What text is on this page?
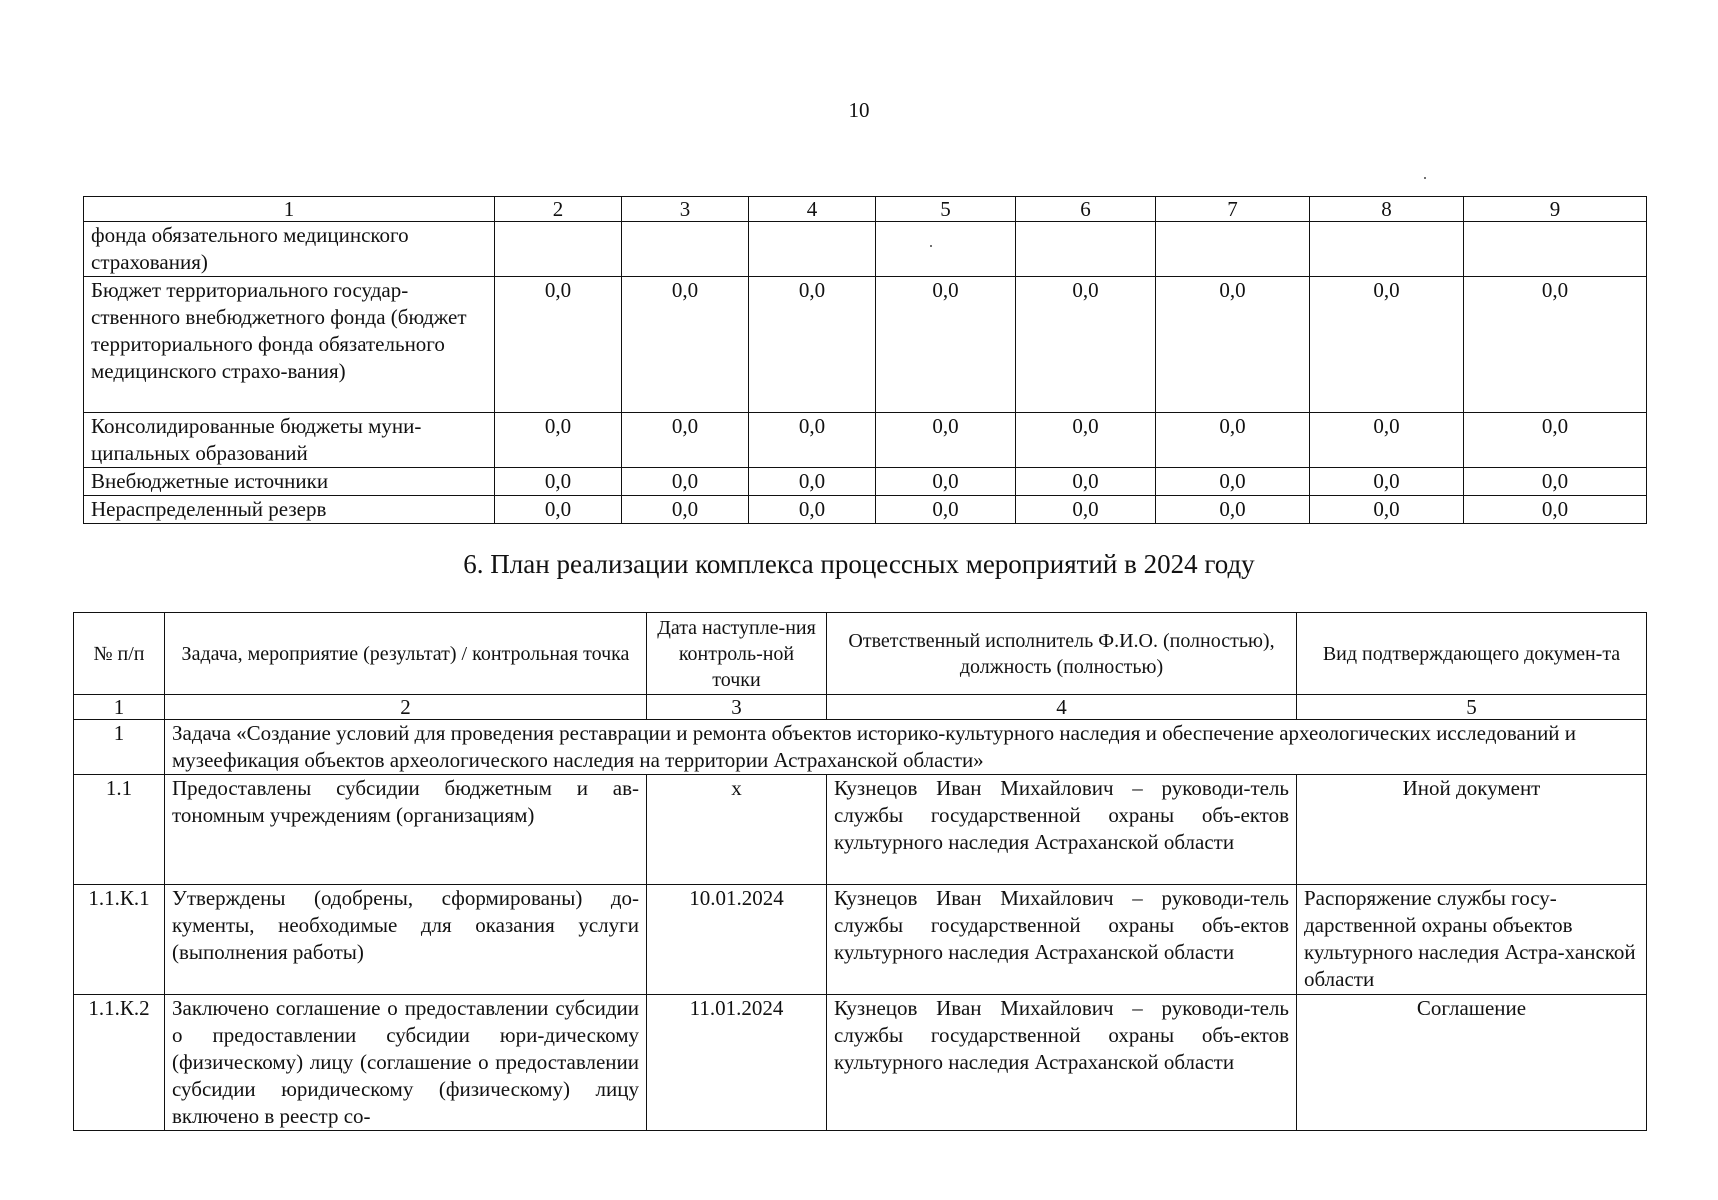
10
1	2	3	4	5	6	7	8	9
фонда обязательного медицинского страхования)								
Бюджет территориального государ-ственного внебюджетного фонда (бюджет территориального фонда обязательного медицинского страхо-вания)	0,0	0,0	0,0	0,0	0,0	0,0	0,0	0,0
Консолидированные бюджеты муни-ципальных образований	0,0	0,0	0,0	0,0	0,0	0,0	0,0	0,0
Внебюджетные источники	0,0	0,0	0,0	0,0	0,0	0,0	0,0	0,0
Нераспределенный резерв	0,0	0,0	0,0	0,0	0,0	0,0	0,0	0,0
6. План реализации комплекса процессных мероприятий в 2024 году
№ п/п	Задача, мероприятие (результат) / контрольная точка	Дата наступле-ния контроль-ной точки	Ответственный исполнитель Ф.И.О. (полностью), должность (полностью)	Вид подтверждающего докумен-та
1	2	3	4	5
1	Задача «Создание условий для проведения реставрации и ремонта объектов историко-культурного наследия и обеспечение археологических исследований и музеефикация объектов археологического наследия на территории Астраханской области»			
1.1	Предоставлены субсидии бюджетным и ав-тономным учреждениям (организациям)	х	Кузнецов Иван Михайлович – руководи-тель службы государственной охраны объ-ектов культурного наследия Астраханской области	Иной документ
1.1.К.1	Утверждены (одобрены, сформированы) до-кументы, необходимые для оказания услуги (выполнения работы)	10.01.2024	Кузнецов Иван Михайлович – руководи-тель службы государственной охраны объ-ектов культурного наследия Астраханской области	Распоряжение службы госу-дарственной охраны объектов культурного наследия Астра-ханской области
1.1.К.2	Заключено соглашение о предоставлении субсидии о предоставлении субсидии юри-дическому (физическому) лицу (соглашение о предоставлении субсидии юридическому (физическому) лицу включено в реестр со-	11.01.2024	Кузнецов Иван Михайлович – руководи-тель службы государственной охраны объ-ектов культурного наследия Астраханской области	Соглашение
